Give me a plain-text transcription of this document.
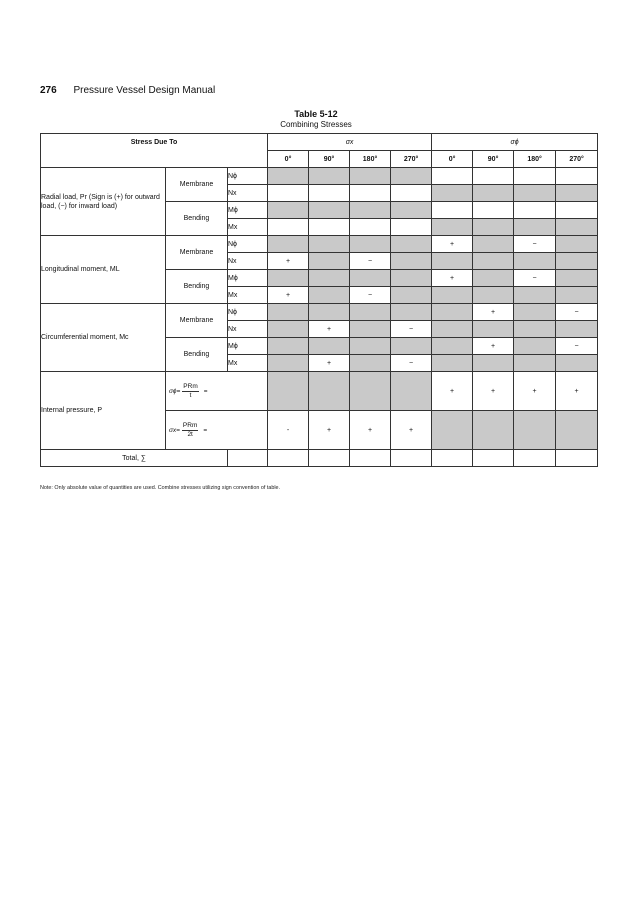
276 Pressure Vessel Design Manual
Table 5-12
Combining Stresses
Stress Due To			σx				σϕ			
			0°	90°	180°	270°	0°	90°	180°	270°
Radial load, Pr (Sign is (+) for outward load, (−) for inward load)	Membrane	Nϕ								
		Nx								
	Bending	Mϕ								
		Mx								
Longitudinal moment, ML	Membrane	Nϕ					+		−	
		Nx	+		−					
	Bending	Mϕ					+		−	
		Mx	+		−					
Circumferential moment, Mc	Membrane	Nϕ						+		−
		Nx		+		−				
	Bending	Mϕ						+		−
		Mx		+		−				
Internal pressure, P	$\sigma\phi= \frac{\text{PRm}}{t}$ =						+	+	+	+
	$\sigma x= \frac{\text{PRm}}{2t}$ =		-	+	+	+				
Total, ∑										
Note: Only absolute value of quantities are used. Combine stresses utilizing sign convention of table.
